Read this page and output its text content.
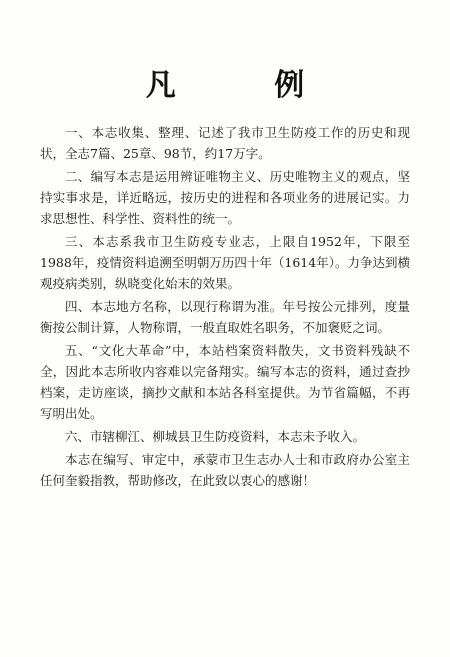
凡 例

一、本志收集、整理、记述了我市卫生防疫工作的历史和现状，全志7篇、25章、98节，约17万字。

二、编写本志是运用辨证唯物主义、历史唯物主义的观点，坚持实事求是，详近略远，按历史的进程和各项业务的进展记实。力求思想性、科学性、资料性的统一。

三、本志系我市卫生防疫专业志，上限自1952年，下限至1988年，疫情资料追溯至明朝万历四十年（1614年）。力争达到横观疫病类别，纵晓变化始末的效果。

四、本志地方名称，以现行称谓为准。年号按公元排列，度量衡按公制计算，人物称谓，一般直取姓名职务，不加褒贬之词。

五、“文化大革命”中，本站档案资料散失，文书资料残缺不全，因此本志所收内容难以完备翔实。编写本志的资料，通过查抄档案，走访座谈，摘抄文献和本站各科室提供。为节省篇幅，不再写明出处。

六、市辖柳江、柳城县卫生防疫资料，本志未予收入。

本志在编写、审定中，承蒙市卫生志办人士和市政府办公室主任何奎毅指教，帮助修改，在此致以衷心的感谢！
